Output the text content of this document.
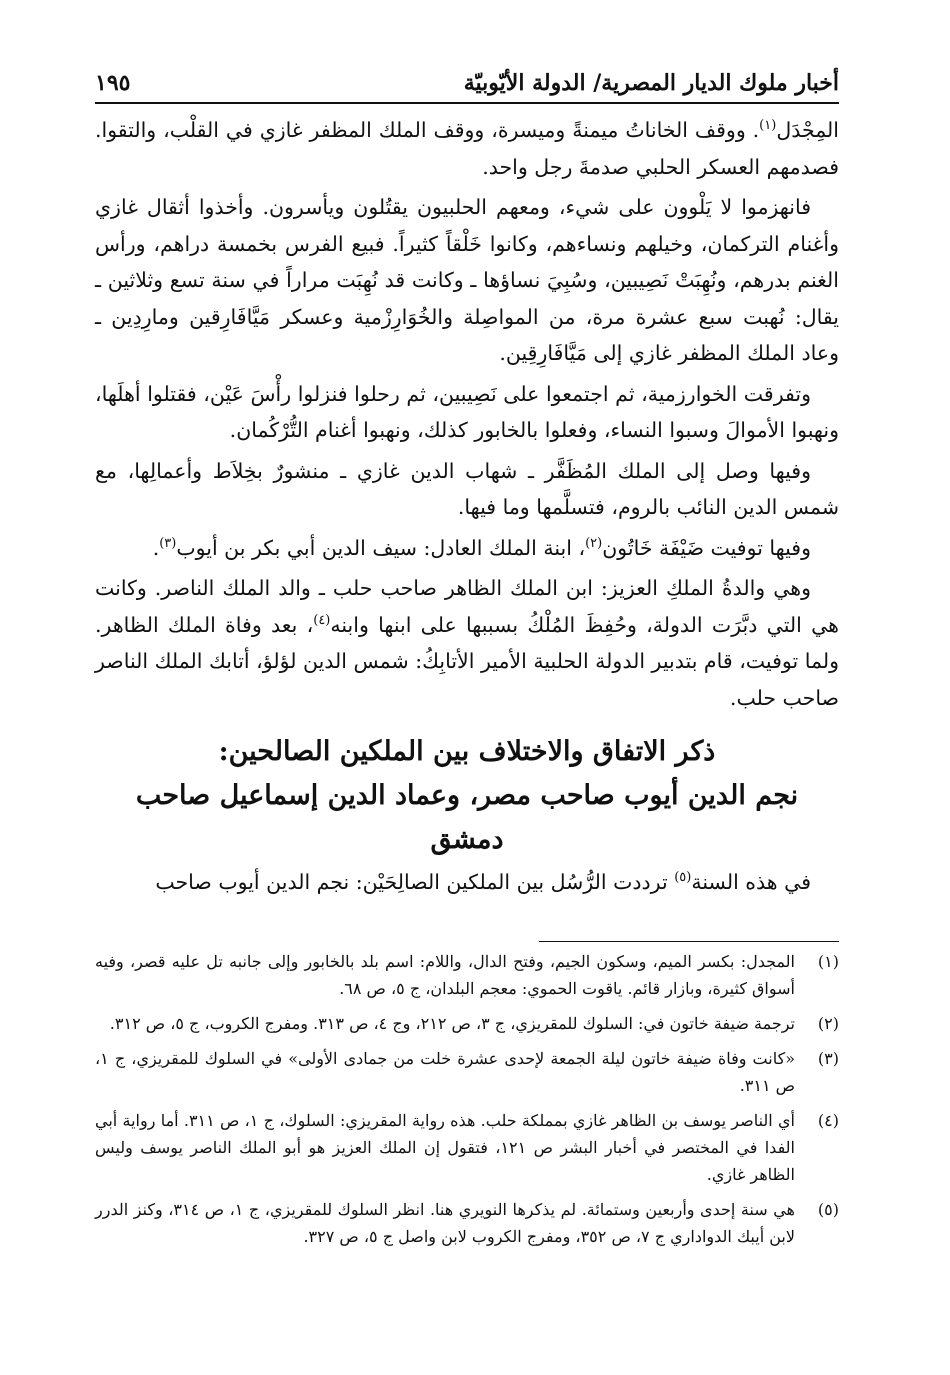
أخبار ملوك الديار المصرية/ الدولة الأيّوبيّة
١٩٥

المِجْدَل$^{(١)}$. ووقف الخاناتُ ميمنةً وميسرة، ووقف الملك المظفر غازي في القلْب، والتقوا. فصدمهم العسكر الحلبي صدمةَ رجل واحد.

فانهزموا لا يَلْوون على شيء، ومعهم الحلبيون يقتُلون ويأسرون. وأخذوا أثقال غازي وأغنام التركمان، وخيلهم ونساءهم، وكانوا خَلْقاً كثيراً. فبيع الفرس بخمسة دراهم، ورأس الغنم بدرهم، ونُهِبَتْ نَصِيبين، وسُبِيَ نساؤها ـ وكانت قد نُهِبَت مراراً في سنة تسع وثلاثين ـ يقال: نُهبت سبع عشرة مرة، من المواصِلة والخُوَارِزْمية وعسكر مَيَّافَارِقين ومارِدِين ـ وعاد الملك المظفر غازي إلى مَيَّافَارِقِين.

وتفرقت الخوارزمية، ثم اجتمعوا على نَصِيبين، ثم رحلوا فنزلوا رأْسَ عَيْن، فقتلوا أهلَها، ونهبوا الأموالَ وسبوا النساء، وفعلوا بالخابور كذلك، ونهبوا أغنام التُّرْكُمان.

وفيها وصل إلى الملك المُظَفَّر ـ شهاب الدين غازي ـ منشورٌ بخِلاَط وأعمالِها، مع شمس الدين النائب بالروم، فتسلَّمها وما فيها.

وفيها توفيت ضَيْفَة خَاتُون$^{(٢)}$، ابنة الملك العادل: سيف الدين أبي بكر بن أيوب$^{(٣)}$.

وهي والدةُ الملكِ العزيز: ابن الملك الظاهر صاحب حلب ـ والد الملك الناصر. وكانت هي التي دبَّرَت الدولة، وحُفِظَ المُلْكُ بسببها على ابنها وابنه$^{(٤)}$، بعد وفاة الملك الظاهر. ولما توفيت، قام بتدبير الدولة الحلبية الأمير الأتابِكُ: شمس الدين لؤلؤ، أتابك الملك الناصر صاحب حلب.

ذكر الاتفاق والاختلاف بين الملكين الصالحين:
نجم الدين أيوب صاحب مصر، وعماد الدين إسماعيل صاحب دمشق

في هذه السنة$^{(٥)}$ ترددت الرُّسُل بين الملكين الصالِحَيْن: نجم الدين أيوب صاحب

(١)
المجدل: بكسر الميم، وسكون الجيم، وفتح الدال، واللام: اسم بلد بالخابور وإلى جانبه تل عليه قصر، وفيه أسواق كثيرة، وبازار قائم. ياقوت الحموي: معجم البلدان، ج ٥، ص ٦٨.
(٢)
ترجمة ضيفة خاتون في: السلوك للمقريزي، ج ٣، ص ٢١٢، وج ٤، ص ٣١٣. ومفرج الكروب، ج ٥، ص ٣١٢.
(٣)
«كانت وفاة ضيفة خاتون ليلة الجمعة لإحدى عشرة خلت من جمادى الأولى» في السلوك للمقريزي، ج ١، ص ٣١١.
(٤)
أي الناصر يوسف بن الظاهر غازي بمملكة حلب. هذه رواية المقريزي: السلوك، ج ١، ص ٣١١. أما رواية أبي الفدا في المختصر في أخبار البشر ص ١٢١، فتقول إن الملك العزيز هو أبو الملك الناصر يوسف وليس الظاهر غازي.
(٥)
هي سنة إحدى وأربعين وستمائة. لم يذكرها النويري هنا. انظر السلوك للمقريزي، ج ١، ص ٣١٤، وكنز الدرر لابن أيبك الدواداري ج ٧، ص ٣٥٢، ومفرج الكروب لابن واصل ج ٥، ص ٣٢٧.
